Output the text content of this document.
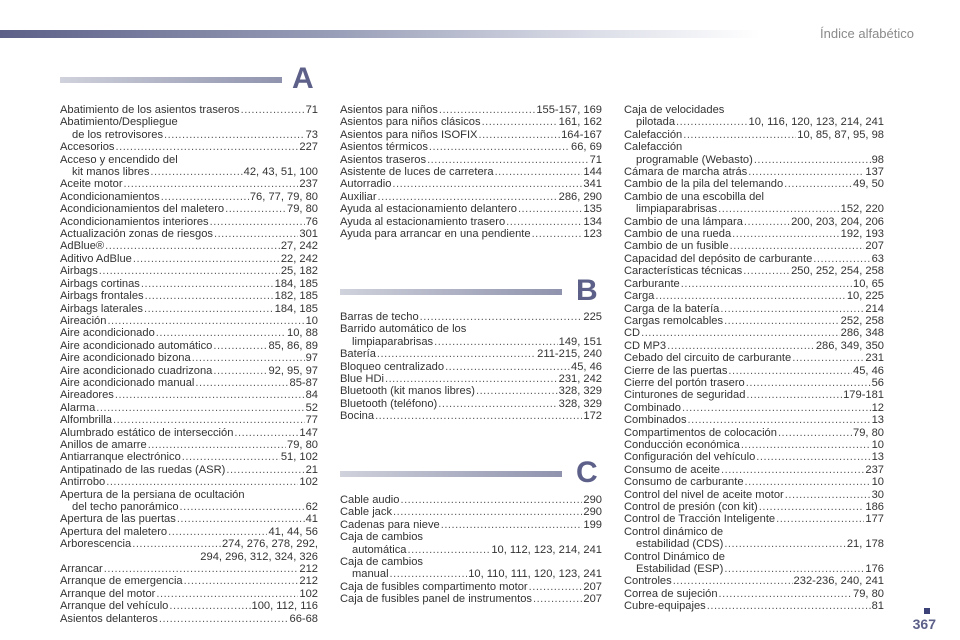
Índice alfabético
A
B
C
Abatimiento de los asientos traseros .....	71
Abatimiento/Despliegue
de los retrovisores .....	73
Accesorios .....	227
Acceso y encendido del
kit manos libres .....	42, 43, 51, 100
Aceite motor .....	237
Acondicionamientos .....	76, 77, 79, 80
Acondicionamientos del maletero .....	79, 80
Acondicionamientos interiores .....	76
Actualización zonas de riesgos .....	301
AdBlue® .....	27, 242
Aditivo AdBlue .....	22, 242
Airbags .....	25, 182
Airbags cortinas .....	184, 185
Airbags frontales .....	182, 185
Airbags laterales .....	184, 185
Aireación .....	10
Aire acondicionado .....	10, 88
Aire acondicionado automático .....	85, 86, 89
Aire acondicionado bizona .....	97
Aire acondicionado cuadrizona .....	92, 95, 97
Aire acondicionado manual .....	85-87
Aireadores .....	84
Alarma .....	52
Alfombrilla .....	77
Alumbrado estático de intersección .....	147
Anillos de amarre .....	79, 80
Antiarranque electrónico .....	51, 102
Antipatinado de las ruedas (ASR) .....	21
Antirrobo .....	102
Apertura de la persiana de ocultación
del techo panorámico .....	62
Apertura de las puertas .....	41
Apertura del maletero .....	41, 44, 56
Arborescencia .....	274, 276, 278, 292,
294, 296, 312, 324, 326
Arrancar .....	212
Arranque de emergencia .....	212
Arranque del motor .....	102
Arranque del vehículo .....	100, 112, 116
Asientos delanteros .....	66-68
Asientos para niños .....	155-157, 169
Asientos para niños clásicos .....	161, 162
Asientos para niños ISOFIX .....	164-167
Asientos térmicos .....	66, 69
Asientos traseros .....	71
Asistente de luces de carretera .....	144
Autorradio .....	341
Auxiliar .....	286, 290
Ayuda al estacionamiento delantero .....	135
Ayuda al estacionamiento trasero .....	134
Ayuda para arrancar en una pendiente .....	123
Barras de techo .....	225
Barrido automático de los
limpiaparabrisas .....	149, 151
Batería .....	211-215, 240
Bloqueo centralizado .....	45, 46
Blue HDi .....	231, 242
Bluetooth (kit manos libres) .....	328, 329
Bluetooth (teléfono) .....	328, 329
Bocina .....	172
Cable audio .....	290
Cable jack .....	290
Cadenas para nieve .....	199
Caja de cambios
automática .....	10, 112, 123, 214, 241
Caja de cambios
manual .....	10, 110, 111, 120, 123, 241
Caja de fusibles compartimento motor .....	207
Caja de fusibles panel de instrumentos .....	207
Caja de velocidades
pilotada .....	10, 116, 120, 123, 214, 241
Calefacción .....	10, 85, 87, 95, 98
Calefacción
programable (Webasto) .....	98
Cámara de marcha atrás .....	137
Cambio de la pila del telemando .....	49, 50
Cambio de una escobilla del
limpiaparabrisas .....	152, 220
Cambio de una lámpara .....	200, 203, 204, 206
Cambio de una rueda .....	192, 193
Cambio de un fusible .....	207
Capacidad del depósito de carburante .....	63
Características técnicas .....	250, 252, 254, 258
Carburante .....	10, 65
Carga .....	10, 225
Carga de la batería .....	214
Cargas remolcables .....	252, 258
CD .....	286, 348
CD MP3 .....	286, 349, 350
Cebado del circuito de carburante .....	231
Cierre de las puertas .....	45, 46
Cierre del portón trasero .....	56
Cinturones de seguridad .....	179-181
Combinado .....	12
Combinados .....	13
Compartimentos de colocación .....	79, 80
Conducción económica .....	10
Configuración del vehículo .....	13
Consumo de aceite .....	237
Consumo de carburante .....	10
Control del nivel de aceite motor .....	30
Control de presión (con kit) .....	186
Control de Tracción Inteligente .....	177
Control dinámico de
estabilidad (CDS) .....	21, 178
Control Dinámico de
Estabilidad (ESP) .....	176
Controles .....	232-236, 240, 241
Correa de sujeción .....	79, 80
Cubre-equipajes .....	81
367
